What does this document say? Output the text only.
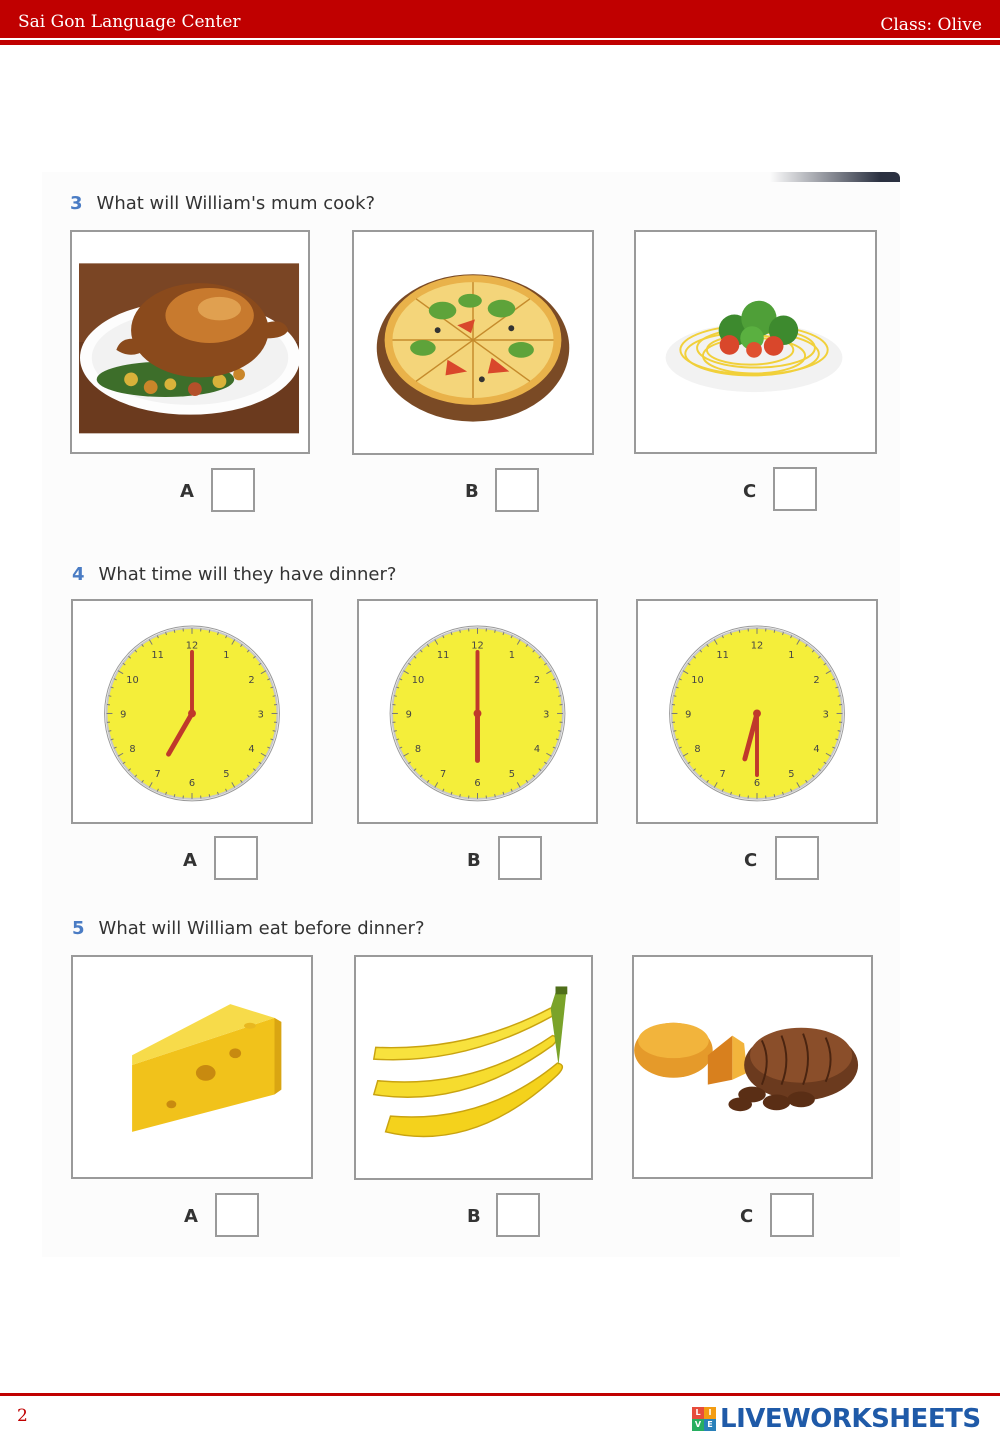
Sai Gon Language Center	Class: Olive
3 What will William's mum cook?
A	B	C
4 What time will they have dinner?
12
1
2
3
4
5
6
7
8
9
10
11
12
1
2
3
4
5
6
7
8
9
10
11
12
1
2
3
4
5
6
7
8
9
10
11
A	B	C
5 What will William eat before dinner?
A	B	C
2	L I
V E LIVEWORKSHEETS
